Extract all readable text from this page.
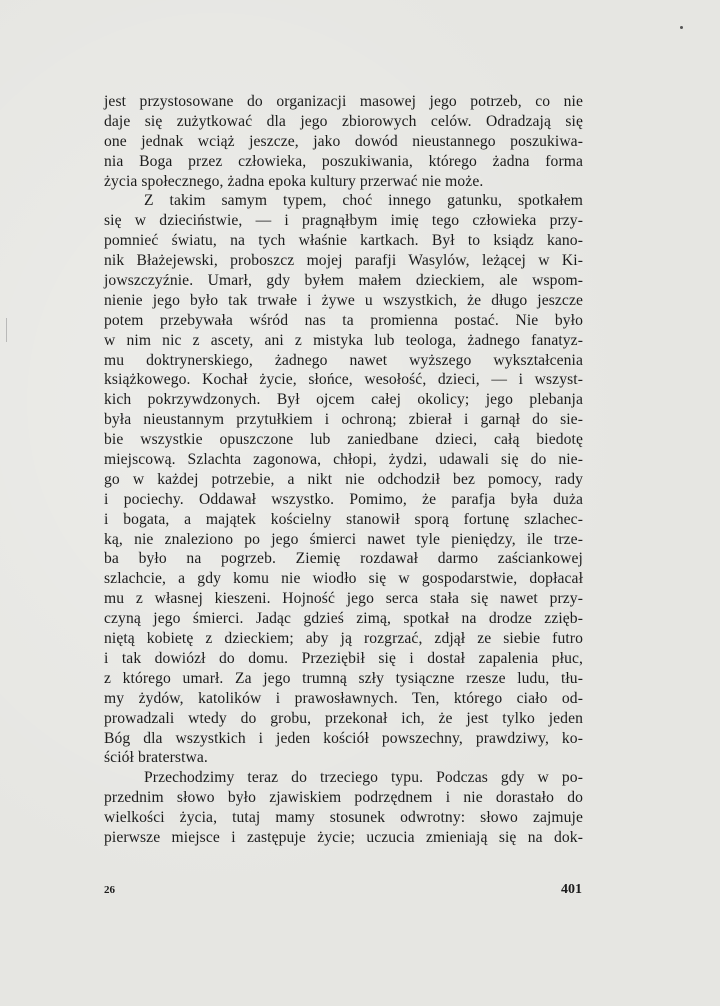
jest przystosowane do organizacji masowej jego potrzeb, co nie
daje się zużytkować dla jego zbiorowych celów. Odradzają się
one jednak wciąż jeszcze, jako dowód nieustannego poszukiwa-
nia Boga przez człowieka, poszukiwania, którego żadna forma
życia społecznego, żadna epoka kultury przerwać nie może.
Z takim samym typem, choć innego gatunku, spotkałem
się w dzieciństwie, — i pragnąłbym imię tego człowieka przy-
pomnieć światu, na tych właśnie kartkach. Był to ksiądz kano-
nik Błażejewski, proboszcz mojej parafji Wasylów, leżącej w Ki-
jowszczyźnie. Umarł, gdy byłem małem dzieckiem, ale wspom-
nienie jego było tak trwałe i żywe u wszystkich, że długo jeszcze
potem przebywała wśród nas ta promienna postać. Nie było
w nim nic z ascety, ani z mistyka lub teologa, żadnego fanatyz-
mu doktrynerskiego, żadnego nawet wyższego wykształcenia
książkowego. Kochał życie, słońce, wesołość, dzieci, — i wszyst-
kich pokrzywdzonych. Był ojcem całej okolicy; jego plebanja
była nieustannym przytułkiem i ochroną; zbierał i garnął do sie-
bie wszystkie opuszczone lub zaniedbane dzieci, całą biedotę
miejscową. Szlachta zagonowa, chłopi, żydzi, udawali się do nie-
go w każdej potrzebie, a nikt nie odchodził bez pomocy, rady
i pociechy. Oddawał wszystko. Pomimo, że parafja była duża
i bogata, a majątek kościelny stanowił sporą fortunę szlachec-
ką, nie znaleziono po jego śmierci nawet tyle pieniędzy, ile trze-
ba było na pogrzeb. Ziemię rozdawał darmo zaściankowej
szlachcie, a gdy komu nie wiodło się w gospodarstwie, dopłacał
mu z własnej kieszeni. Hojność jego serca stała się nawet przy-
czyną jego śmierci. Jadąc gdzieś zimą, spotkał na drodze zzięb-
niętą kobietę z dzieckiem; aby ją rozgrzać, zdjął ze siebie futro
i tak dowiózł do domu. Przeziębił się i dostał zapalenia płuc,
z którego umarł. Za jego trumną szły tysiączne rzesze ludu, tłu-
my żydów, katolików i prawosławnych. Ten, którego ciało od-
prowadzali wtedy do grobu, przekonał ich, że jest tylko jeden
Bóg dla wszystkich i jeden kościół powszechny, prawdziwy, ko-
ściół braterstwa.
Przechodzimy teraz do trzeciego typu. Podczas gdy w po-
przednim słowo było zjawiskiem podrzędnem i nie dorastało do
wielkości życia, tutaj mamy stosunek odwrotny: słowo zajmuje
pierwsze miejsce i zastępuje życie; uczucia zmieniają się na dok-
26	401
